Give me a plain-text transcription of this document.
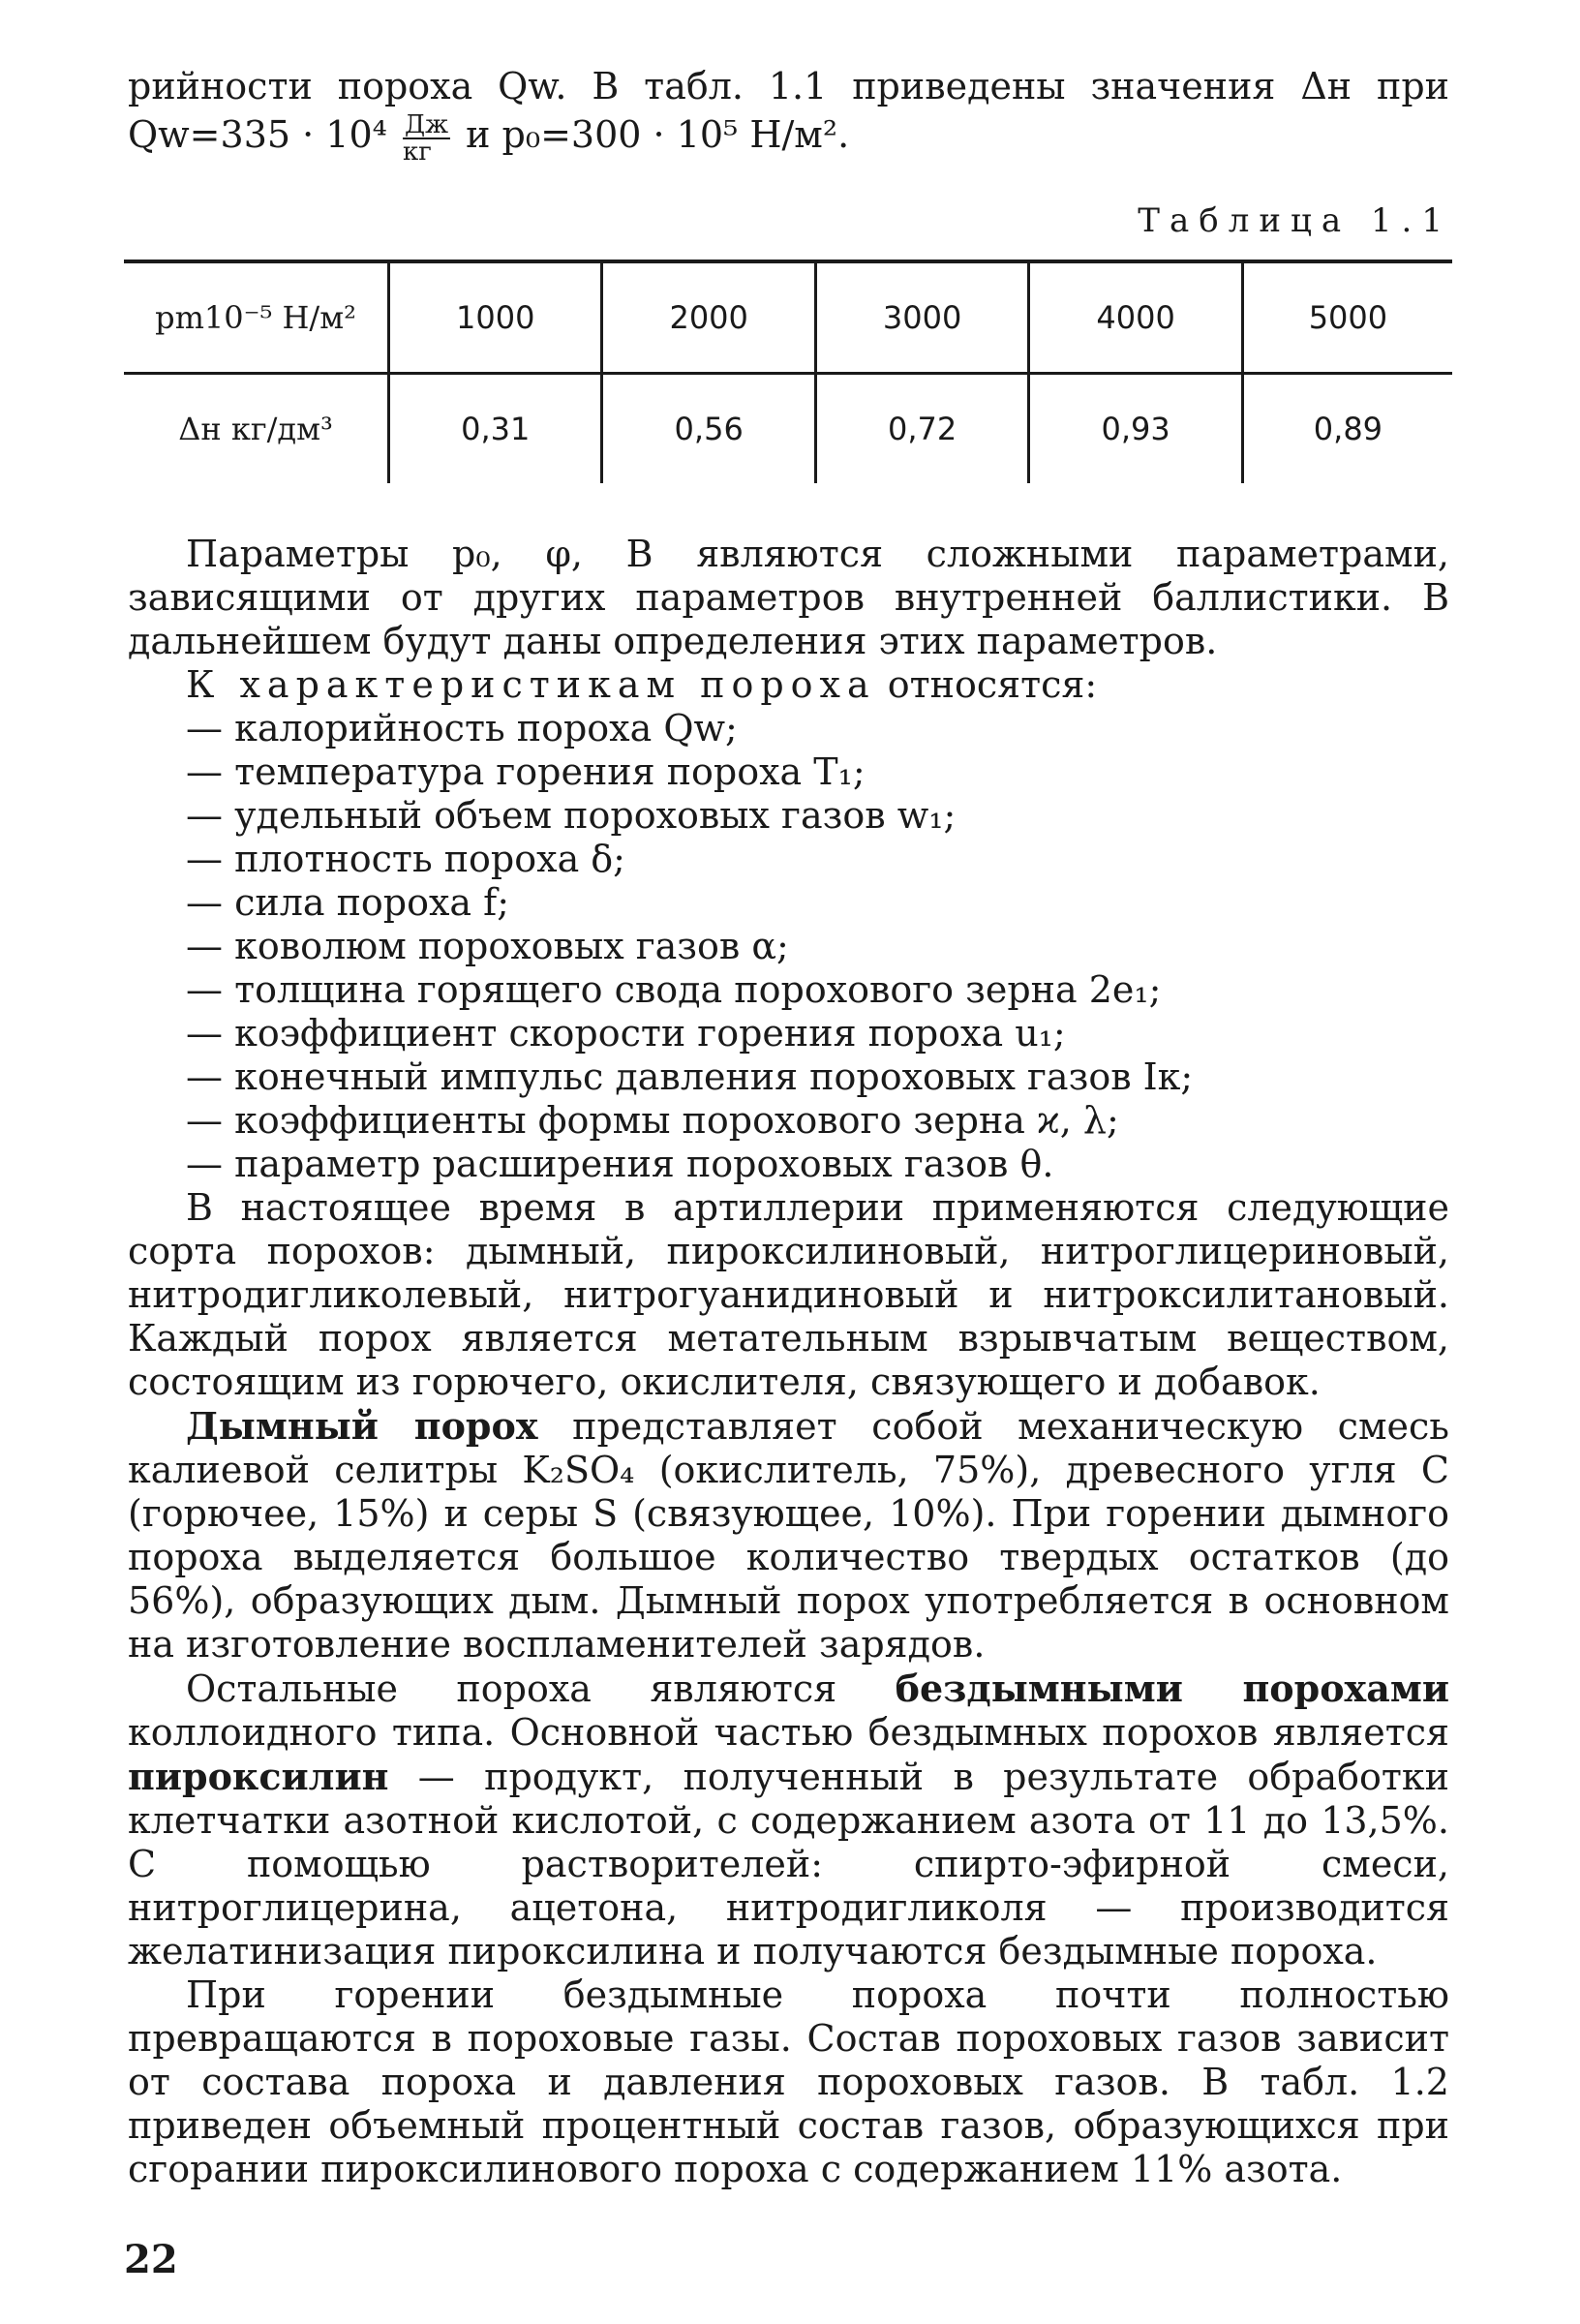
рийности пороха Qw. В табл. 1.1 приведены значения Δн при

$Qw=335 \cdot 10^4 \frac{Дж}{кг}$ и p₀=300 · 10⁵ Н/м².

Таблица 1.1
pm10⁻⁵ Н/м²	1000	2000	3000	4000	5000
Δн кг/дм³	0,31	0,56	0,72	0,93	0,89

Параметры p₀, φ, B являются сложными параметрами, зависящими от других параметров внутренней баллистики. В дальнейшем будут даны определения этих параметров.

К характеристикам пороха относятся:

— калорийность пороха Qw;

— температура горения пороха T₁;

— удельный объем пороховых газов w₁;

— плотность пороха δ;

— сила пороха f;

— коволюм пороховых газов α;

— толщина горящего свода порохового зерна 2e₁;

— коэффициент скорости горения пороха u₁;

— конечный импульс давления пороховых газов Iк;

— коэффициенты формы порохового зерна ϰ, λ;

— параметр расширения пороховых газов θ.

В настоящее время в артиллерии применяются следующие сорта порохов: дымный, пироксилиновый, нитроглицериновый, нитродигликолевый, нитрогуанидиновый и нитроксилитановый. Каждый порох является метательным взрывчатым веществом, состоящим из горючего, окислителя, связующего и добавок.

Дымный порох представляет собой механическую смесь калиевой селитры K₂SO₄ (окислитель, 75%), древесного угля C (горючее, 15%) и серы S (связующее, 10%). При горении дымного пороха выделяется большое количество твердых остатков (до 56%), образующих дым. Дымный порох употребляется в основном на изготовление воспламенителей зарядов.

Остальные пороха являются бездымными порохами коллоидного типа. Основной частью бездымных порохов является пироксилин — продукт, полученный в результате обработки клетчатки азотной кислотой, с содержанием азота от 11 до 13,5%. С помощью растворителей: спирто-эфирной смеси, нитроглицерина, ацетона, нитродигликоля — производится желатинизация пироксилина и получаются бездымные пороха.

При горении бездымные пороха почти полностью превращаются в пороховые газы. Состав пороховых газов зависит от состава пороха и давления пороховых газов. В табл. 1.2 приведен объемный процентный состав газов, образующихся при сгорании пироксилинового пороха с содержанием 11% азота.

22
